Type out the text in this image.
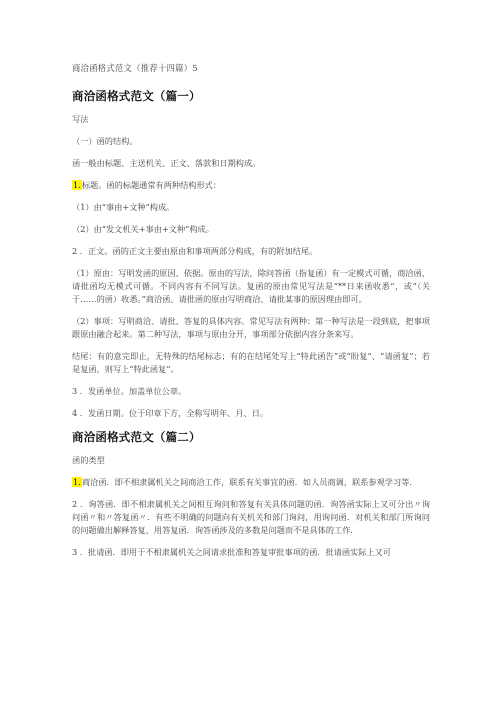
商洽函格式范文（推荐十四篇）5
商洽函格式范文（篇一）

写法

（一）函的结构。

函一般由标题、主送机关、正文、落款和日期构成。

1.标题。函的标题通常有两种结构形式：

（1）由“事由+文种”构成。

（2）由“发文机关+事由+文种”构成。

2 ．正文。函的正文主要由原由和事项两部分构成，有的附加结尾。

（1）原由：写明发函的原因、依据。原由的写法，除问答函（指复函）有一定模式可循，商洽函、请批函均无模式可循。不同内容有不同写法。复函的原由常见写法是“**日来函收悉”，或“（关于……的函）收悉。”商洽函、请批函的原由写明商洽、请批某事的原因理由即可。

（2）事项：写明商洽、请批、答复的具体内容。常见写法有两种：第一种写法是一段到底，把事项跟原由融合起来。第二种写法，事项与原由分开，事项部分依据内容分条来写。

结尾：有的意完即止，无特殊的结尾标志；有的在结尾处写上“特此函告”或“盼复”、“请函复”；若是复函，则写上“特此函复”。

3 ．发函单位。加盖单位公章。

4 ．发函日期。位于印章下方，全称写明年、月、日。

商洽函格式范文（篇二）

函的类型

1.商洽函．即不相隶属机关之间商洽工作，联系有关事宜的函．如人员商调，联系参观学习等．

2 ．询答函．即不相隶属机关之间相互询问和答复有关具体问题的函．询答函实际上又可分出〃询问函〃和〃答复函〃．有些不明确的问题向有关机关和部门询问，用询问函．对机关和部门所询问的问题做出解释答复，用答复函．询答函涉及的多数是问题而不是具体的工作．

3 ．批请函．即用于不相隶属机关之间请求批准和答复审批事项的函．批请函实际上又可
